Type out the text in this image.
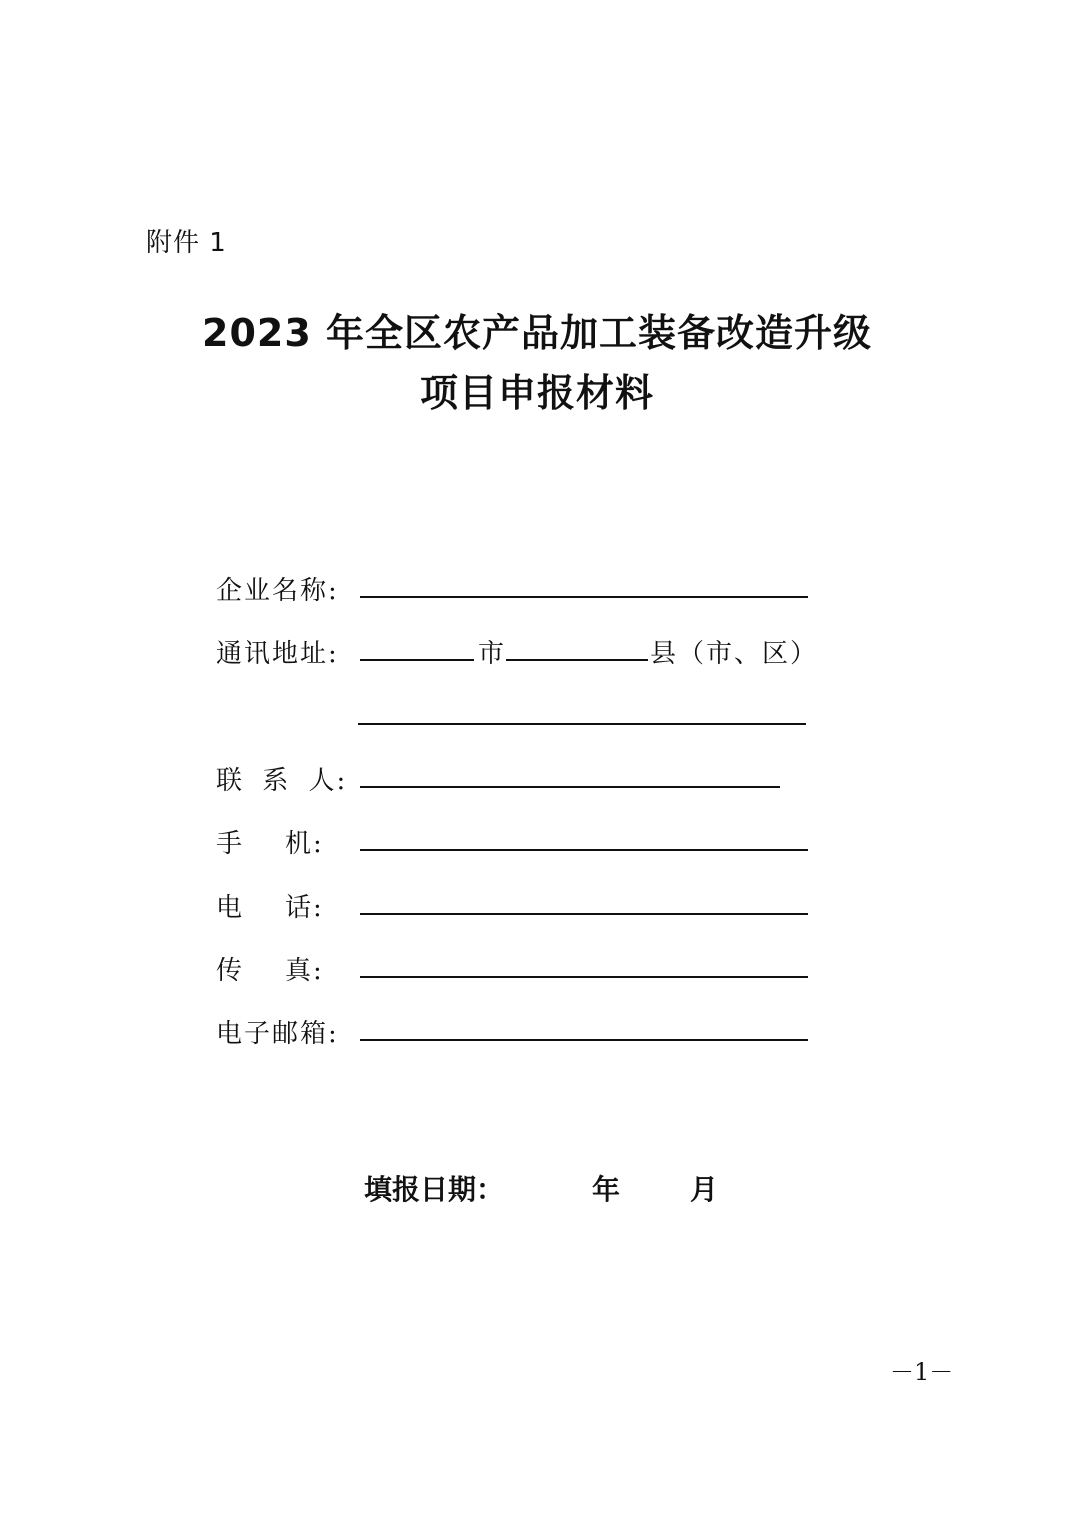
附件 1
2023 年全区农产品加工装备改造升级
项目申报材料
企业名称:
通讯地址:	市	县（市、区）
联 系 人:
手    机:
电    话:
传    真:
电子邮箱:
填报日期：	年 月
－1－
